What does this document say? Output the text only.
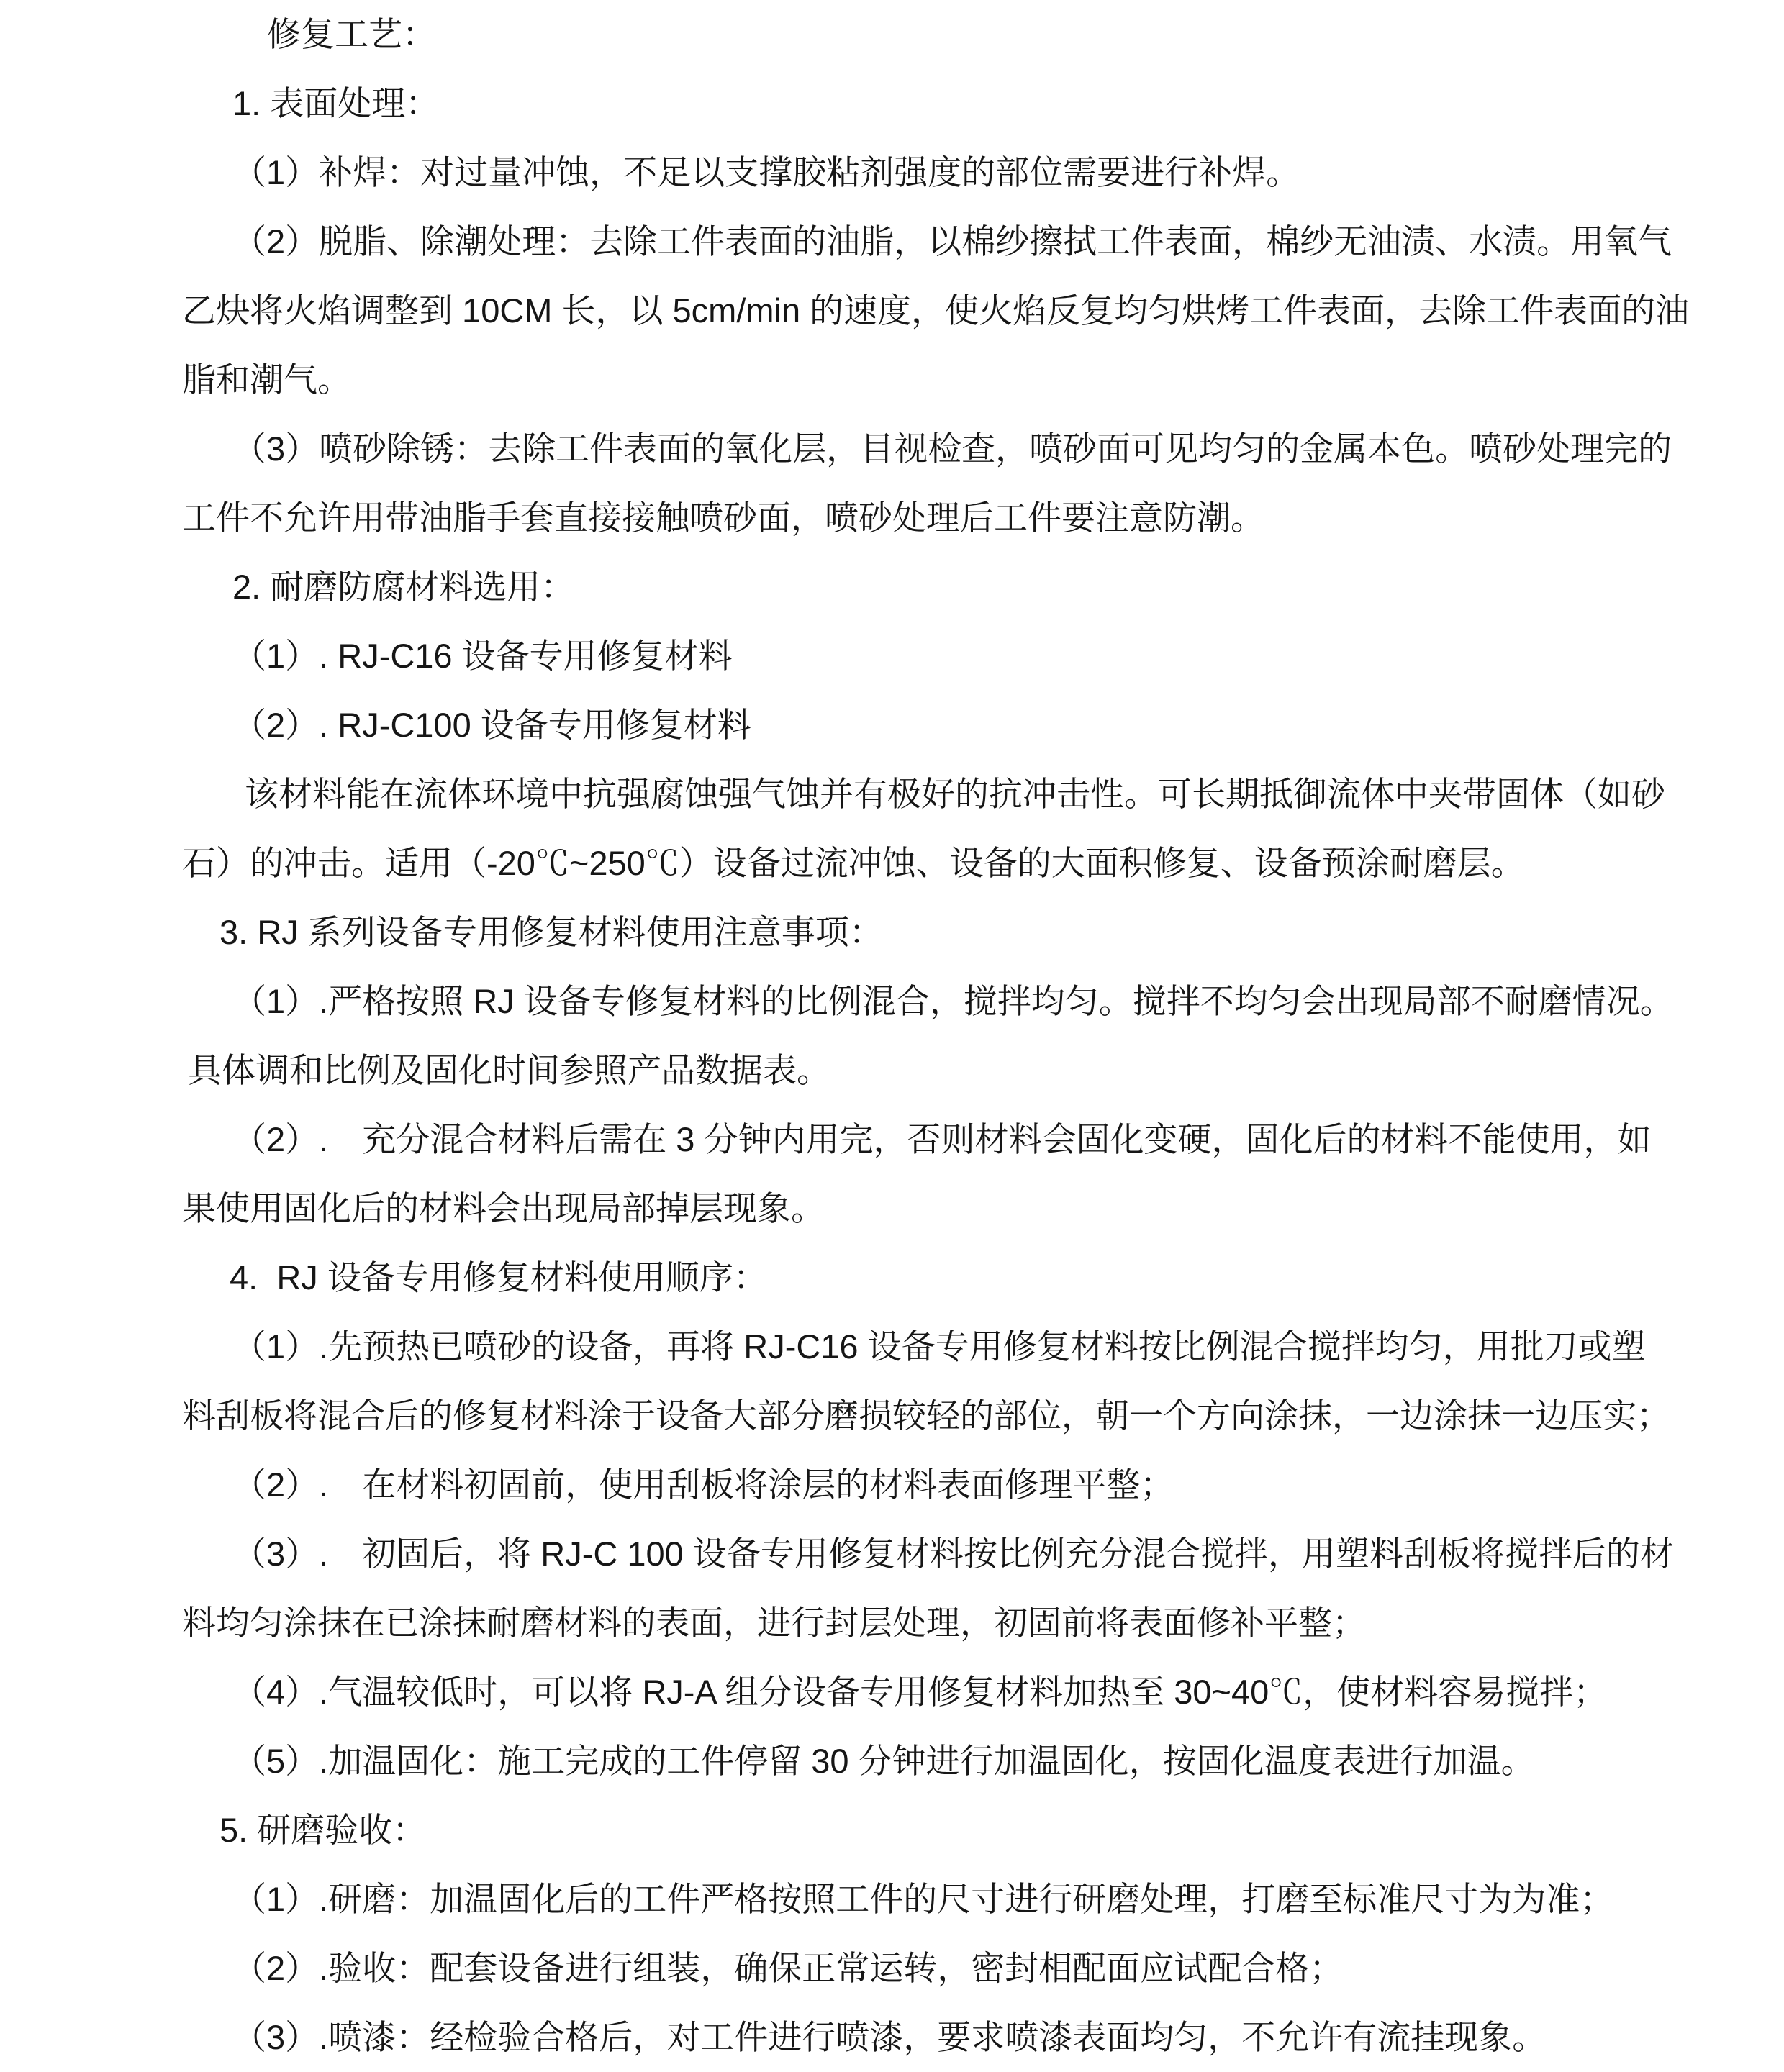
修复工艺：
1. 表面处理：
（1）补焊：对过量冲蚀，不足以支撑胶粘剂强度的部位需要进行补焊。
（2）脱脂、除潮处理：去除工件表面的油脂，以棉纱擦拭工件表面，棉纱无油渍、水渍。用氧气
乙炔将火焰调整到 10CM 长，以 5cm/min 的速度，使火焰反复均匀烘烤工件表面，去除工件表面的油
脂和潮气。
（3）喷砂除锈：去除工件表面的氧化层，目视检查，喷砂面可见均匀的金属本色。喷砂处理完的
工件不允许用带油脂手套直接接触喷砂面，喷砂处理后工件要注意防潮。
2. 耐磨防腐材料选用：
（1）. RJ-C16 设备专用修复材料
（2）. RJ-C100 设备专用修复材料
该材料能在流体环境中抗强腐蚀强气蚀并有极好的抗冲击性。可长期抵御流体中夹带固体（如砂
石）的冲击。适用（-20℃~250℃）设备过流冲蚀、设备的大面积修复、设备预涂耐磨层。
3. RJ 系列设备专用修复材料使用注意事项：
（1）.严格按照 RJ 设备专修复材料的比例混合，搅拌均匀。搅拌不均匀会出现局部不耐磨情况。
具体调和比例及固化时间参照产品数据表。
（2）.　充分混合材料后需在 3 分钟内用完，否则材料会固化变硬，固化后的材料不能使用，如
果使用固化后的材料会出现局部掉层现象。
4.  RJ 设备专用修复材料使用顺序：
（1）.先预热已喷砂的设备，再将 RJ-C16 设备专用修复材料按比例混合搅拌均匀，用批刀或塑
料刮板将混合后的修复材料涂于设备大部分磨损较轻的部位，朝一个方向涂抹，一边涂抹一边压实；
（2）.　在材料初固前，使用刮板将涂层的材料表面修理平整；
（3）.　初固后，将 RJ-C 100 设备专用修复材料按比例充分混合搅拌，用塑料刮板将搅拌后的材
料均匀涂抹在已涂抹耐磨材料的表面，进行封层处理，初固前将表面修补平整；
（4）.气温较低时，可以将 RJ-A 组分设备专用修复材料加热至 30~40℃，使材料容易搅拌；
（5）.加温固化：施工完成的工件停留 30 分钟进行加温固化，按固化温度表进行加温。
5. 研磨验收：
（1）.研磨：加温固化后的工件严格按照工件的尺寸进行研磨处理，打磨至标准尺寸为为准；
（2）.验收：配套设备进行组装，确保正常运转，密封相配面应试配合格；
（3）.喷漆：经检验合格后，对工件进行喷漆，要求喷漆表面均匀，不允许有流挂现象。
